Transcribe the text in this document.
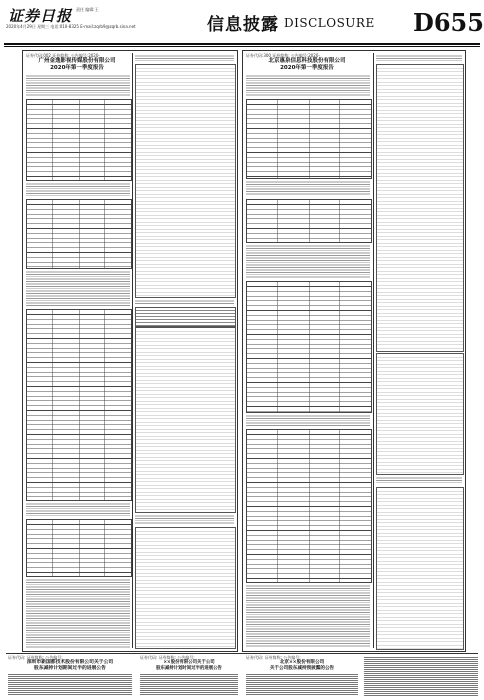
证券日报 责任 编辑:王
2020年4月29日 星期三 电话:010-8325 E-mail:zqrb9@zqrb.sina.net	信息披露 DISCLOSURE D655
证券代码:002 证券简称: 公告编号:2020-
广州金逸影视传媒股份有限公司
2020年第一季度报告
证券代码:300 证券简称: 公告编号:2020-
北京惠泉信息科技股份有限公司
2020年第一季度报告
证券代码: 证券简称: 公告编号:
深圳市新国都技术股份有限公司关于公司
股东减持计划期间过半的进展公告
证券代码: 证券简称: 公告编号:
××股份有限公司关于公司
股东减持计划时间过半的进展公告
证券代码: 证券简称: 公告编号:
北京××股份有限公司
关于公司股东减持预披露的公告
